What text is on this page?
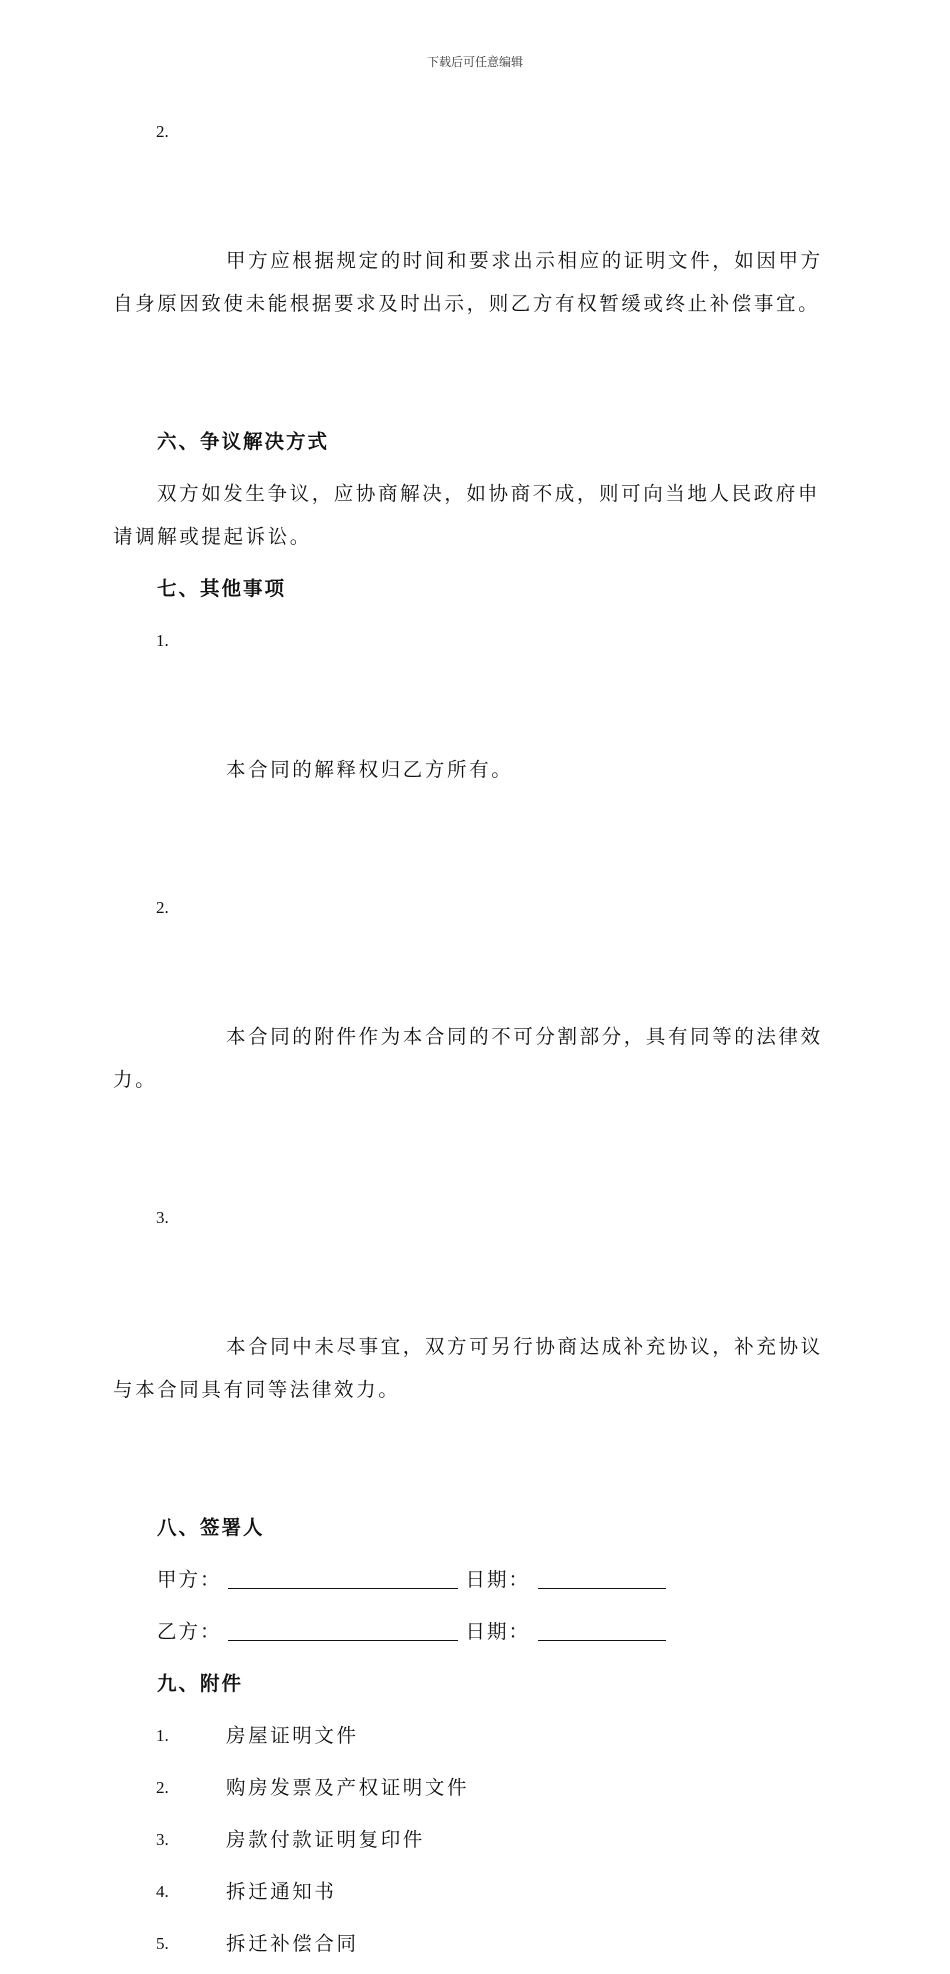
下载后可任意编辑

2.

甲方应根据规定的时间和要求出示相应的证明文件，如因甲方自身原因致使未能根据要求及时出示，则乙方有权暂缓或终止补偿事宜。

六、争议解决方式
双方如发生争议，应协商解决，如协商不成，则可向当地人民政府申请调解或提起诉讼。
七、其他事项

1.

本合同的解释权归乙方所有。

2.

本合同的附件作为本合同的不可分割部分，具有同等的法律效力。

3.

本合同中未尽事宜，双方可另行协商达成补充协议，补充协议与本合同具有同等法律效力。

八、签署人
甲方：	日期：
乙方：	日期：
九、附件
1.	房屋证明文件
2.	购房发票及产权证明文件
3.	房款付款证明复印件
4.	拆迁通知书
5.	拆迁补偿合同
